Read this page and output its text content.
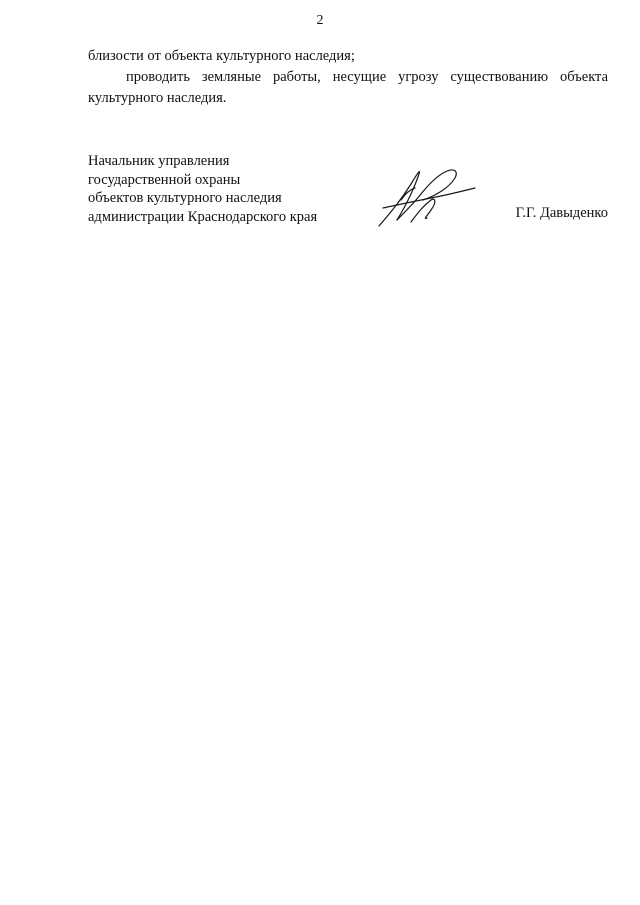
2

близости от объекта культурного наследия;

проводить земляные работы, несущие угрозу существованию объекта культурного наследия.

Начальник управления
государственной охраны
объектов культурного наследия
администрации Краснодарского края	Г.Г. Давыденко
